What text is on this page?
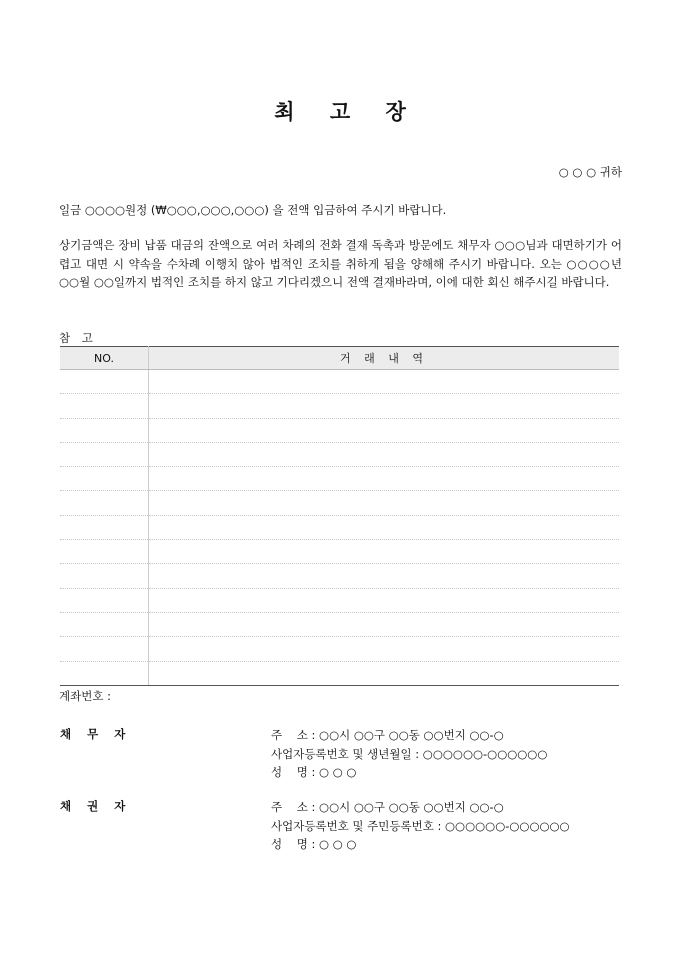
최 고 장
○ ○ ○ 귀하
일금 ○○○○원정 (₩○○○,○○○,○○○) 을 전액 입금하여 주시기 바랍니다.
상기금액은 장비 납품 대금의 잔액으로 여러 차례의 전화 결재 독촉과 방문에도 채무자 ○○○님과 대면하기가 어렵고 대면 시 약속을 수차례 이행치 않아 법적인 조치를 취하게 됨을 양해해 주시기 바랍니다. 오는 ○○○○년 ○○월 ○○일까지 법적인 조치를 하지 않고 기다리겠으니 전액 결재바라며, 이에 대한 회신 해주시길 바랍니다.
참 고
NO.	거 래 내 역

계좌번호 :
채 무 자	주    소 : ○○시 ○○구 ○○동 ○○번지 ○○-○
사업자등록번호 및 생년월일 : ○○○○○○-○○○○○○
성    명 : ○ ○ ○
채 권 자	주    소 : ○○시 ○○구 ○○동 ○○번지 ○○-○
사업자등록번호 및 주민등록번호 : ○○○○○○-○○○○○○
성    명 : ○ ○ ○
